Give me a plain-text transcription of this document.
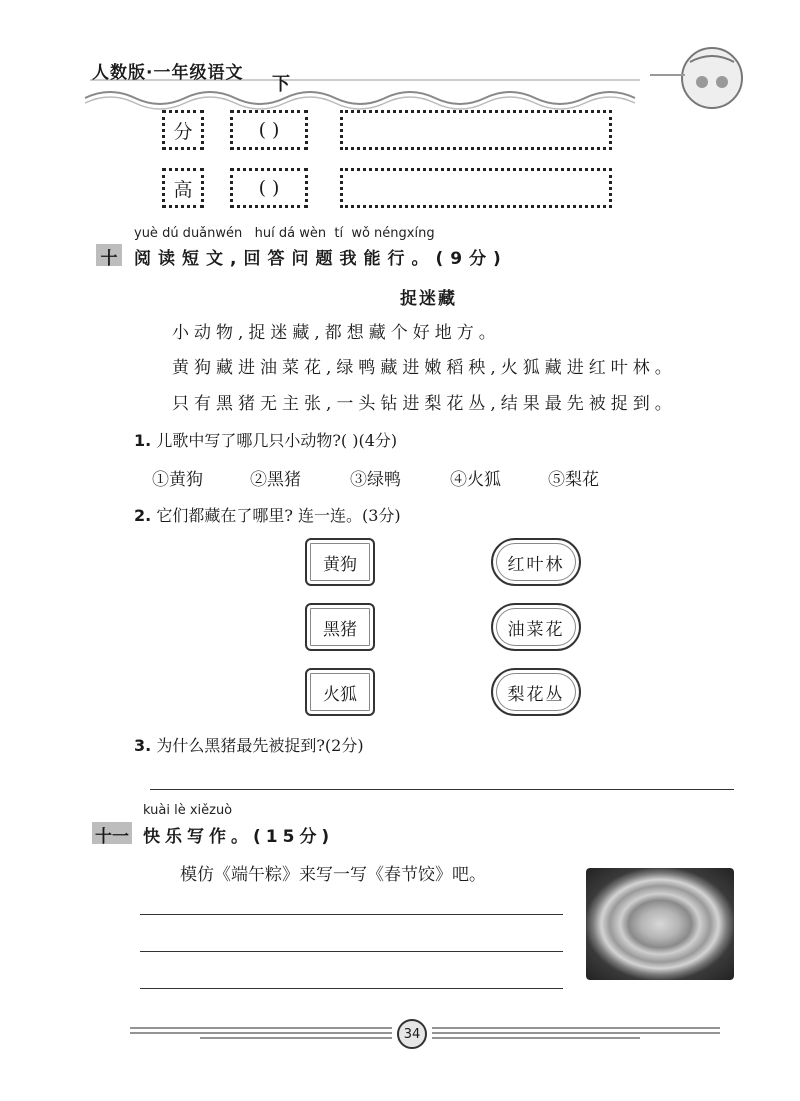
人数版·一年级语文
下
分	( )
高	( )
yuè dú duǎnwén   huí dá wèn  tí  wǒ néngxíng
十 阅读短文,回答问题我能行。(9分)
捉迷藏
小动物,捉迷藏,都想藏个好地方。
黄狗藏进油菜花,绿鸭藏进嫩稻秧,火狐藏进红叶林。
只有黑猪无主张,一头钻进梨花丛,结果最先被捉到。
1. 儿歌中写了哪几只小动物?( )(4分)
①黄狗	②黑猪	③绿鸭	④火狐	⑤梨花
2. 它们都藏在了哪里? 连一连。(3分)
黄狗
黑猪
火狐
红叶林
油菜花
梨花丛
3. 为什么黑猪最先被捉到?(2分)
kuài lè xiězuò
十一 快乐写作。(15分)
模仿《端午粽》来写一写《春节饺》吧。
34
